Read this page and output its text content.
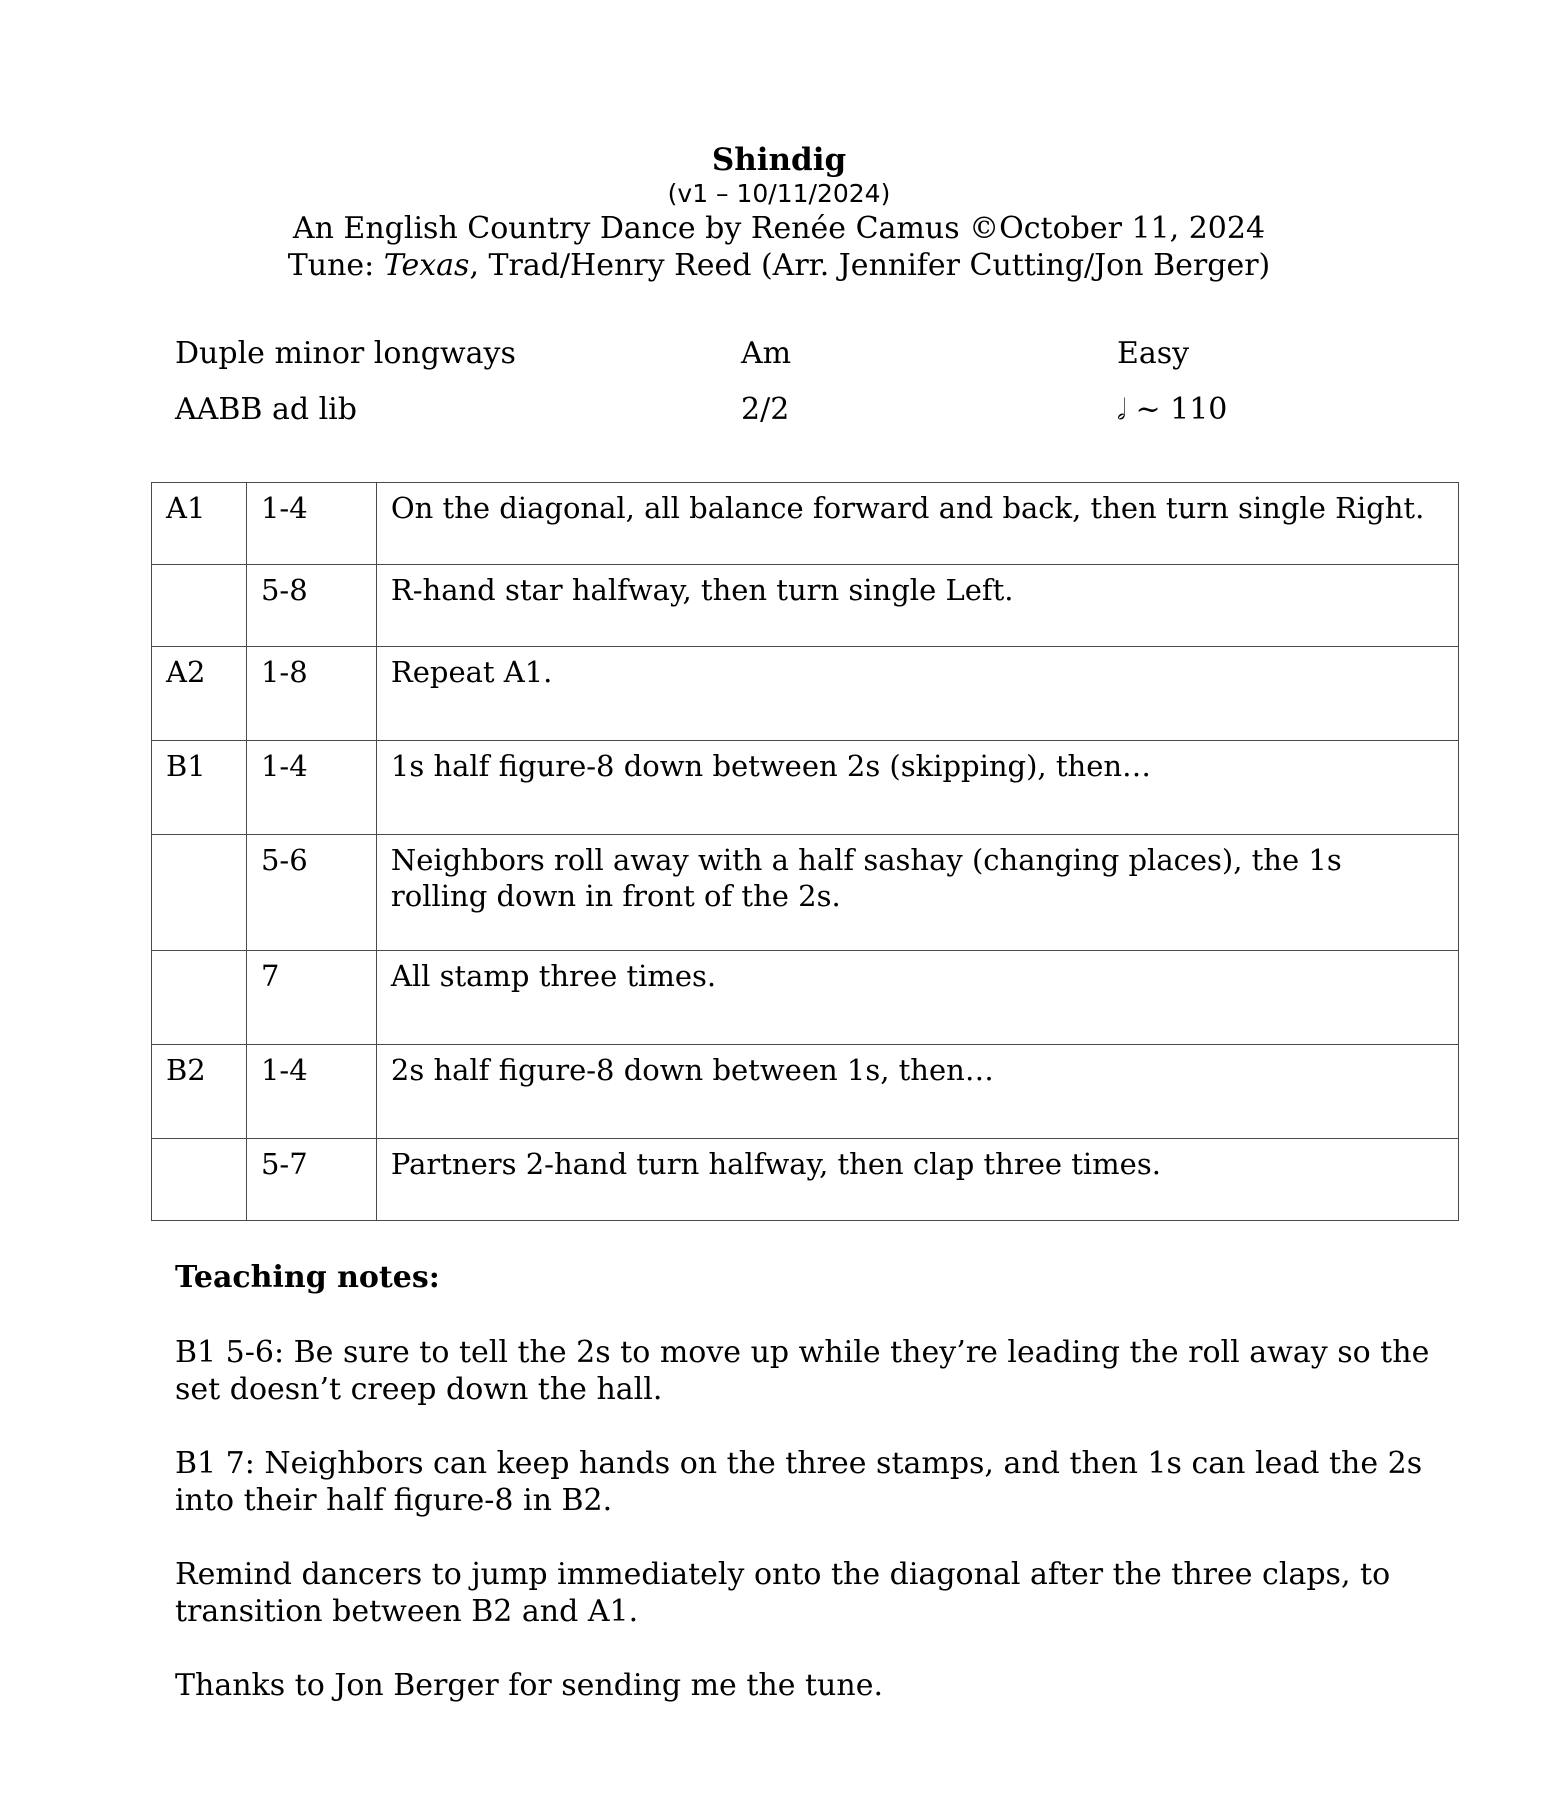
Shindig
(v1 – 10/11/2024)
An English Country Dance by Renée Camus ©October 11, 2024
Tune: Texas, Trad/Henry Reed (Arr. Jennifer Cutting/Jon Berger)
Duple minor longways	Am	Easy
AABB ad lib	2/2	𝅗𝅥 ~ 110
A1	1-4	On the diagonal, all balance forward and back, then turn single Right.
	5-8	R-hand star halfway, then turn single Left.
A2	1-8	Repeat A1.
B1	1-4	1s half figure-8 down between 2s (skipping), then…
	5-6	Neighbors roll away with a half sashay (changing places), the 1s rolling down in front of the 2s.
	7	All stamp three times.
B2	1-4	2s half figure-8 down between 1s, then…
	5-7	Partners 2-hand turn halfway, then clap three times.
Teaching notes:
B1 5-6: Be sure to tell the 2s to move up while they’re leading the roll away so the set doesn’t creep down the hall.
B1 7: Neighbors can keep hands on the three stamps, and then 1s can lead the 2s into their half figure-8 in B2.
Remind dancers to jump immediately onto the diagonal after the three claps, to transition between B2 and A1.
Thanks to Jon Berger for sending me the tune.
